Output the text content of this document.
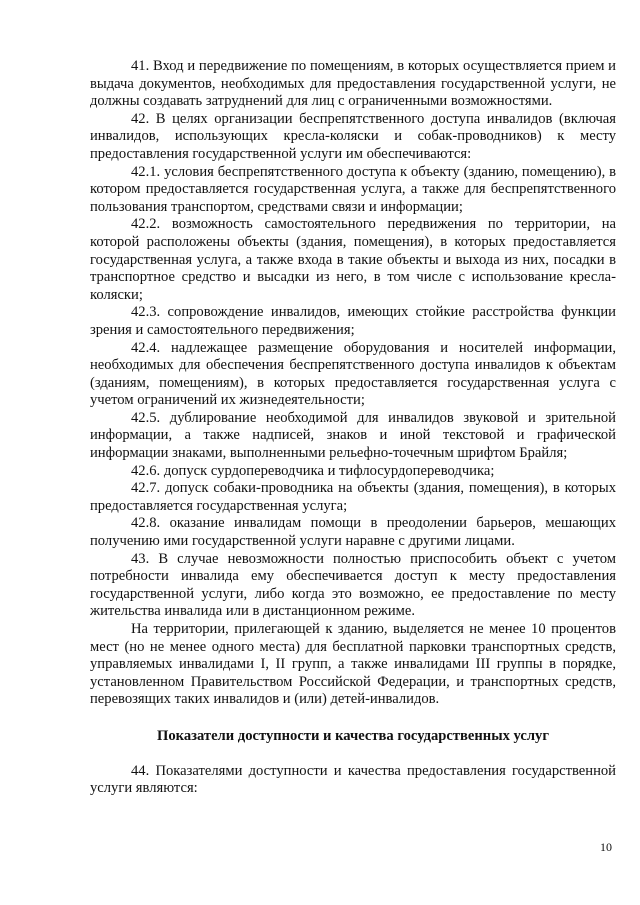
41. Вход и передвижение по помещениям, в которых осуществляется прием и выдача документов, необходимых для предоставления государственной услуги, не должны создавать затруднений для лиц с ограниченными возможностями.

42. В целях организации беспрепятственного доступа инвалидов (включая инвалидов, использующих кресла-коляски и собак-проводников) к месту предоставления государственной услуги им обеспечиваются:

42.1. условия беспрепятственного доступа к объекту (зданию, помещению), в котором предоставляется государственная услуга, а также для беспрепятственного пользования транспортом, средствами связи и информации;

42.2. возможность самостоятельного передвижения по территории, на которой расположены объекты (здания, помещения), в которых предоставляется государственная услуга, а также входа в такие объекты и выхода из них, посадки в транспортное средство и высадки из него, в том числе с использование кресла-коляски;

42.3. сопровождение инвалидов, имеющих стойкие расстройства функции зрения и самостоятельного передвижения;

42.4. надлежащее размещение оборудования и носителей информации, необходимых для обеспечения беспрепятственного доступа инвалидов к объектам (зданиям, помещениям), в которых предоставляется государственная услуга с учетом ограничений их жизнедеятельности;

42.5. дублирование необходимой для инвалидов звуковой и зрительной информации, а также надписей, знаков и иной текстовой и графической информации знаками, выполненными рельефно-точечным шрифтом Брайля;

42.6. допуск сурдопереводчика и тифлосурдопереводчика;

42.7. допуск собаки-проводника на объекты (здания, помещения), в которых предоставляется государственная услуга;

42.8. оказание инвалидам помощи в преодолении барьеров, мешающих получению ими государственной услуги наравне с другими лицами.

43. В случае невозможности полностью приспособить объект с учетом потребности инвалида ему обеспечивается доступ к месту предоставления государственной услуги, либо когда это возможно, ее предоставление по месту жительства инвалида или в дистанционном режиме.

На территории, прилегающей к зданию, выделяется не менее 10 процентов мест (но не менее одного места) для бесплатной парковки транспортных средств, управляемых инвалидами I, II групп, а также инвалидами III группы в порядке, установленном Правительством Российской Федерации, и транспортных средств, перевозящих таких инвалидов и (или) детей-инвалидов.

Показатели доступности и качества государственных услуг

44. Показателями доступности и качества предоставления государственной услуги являются:

10
